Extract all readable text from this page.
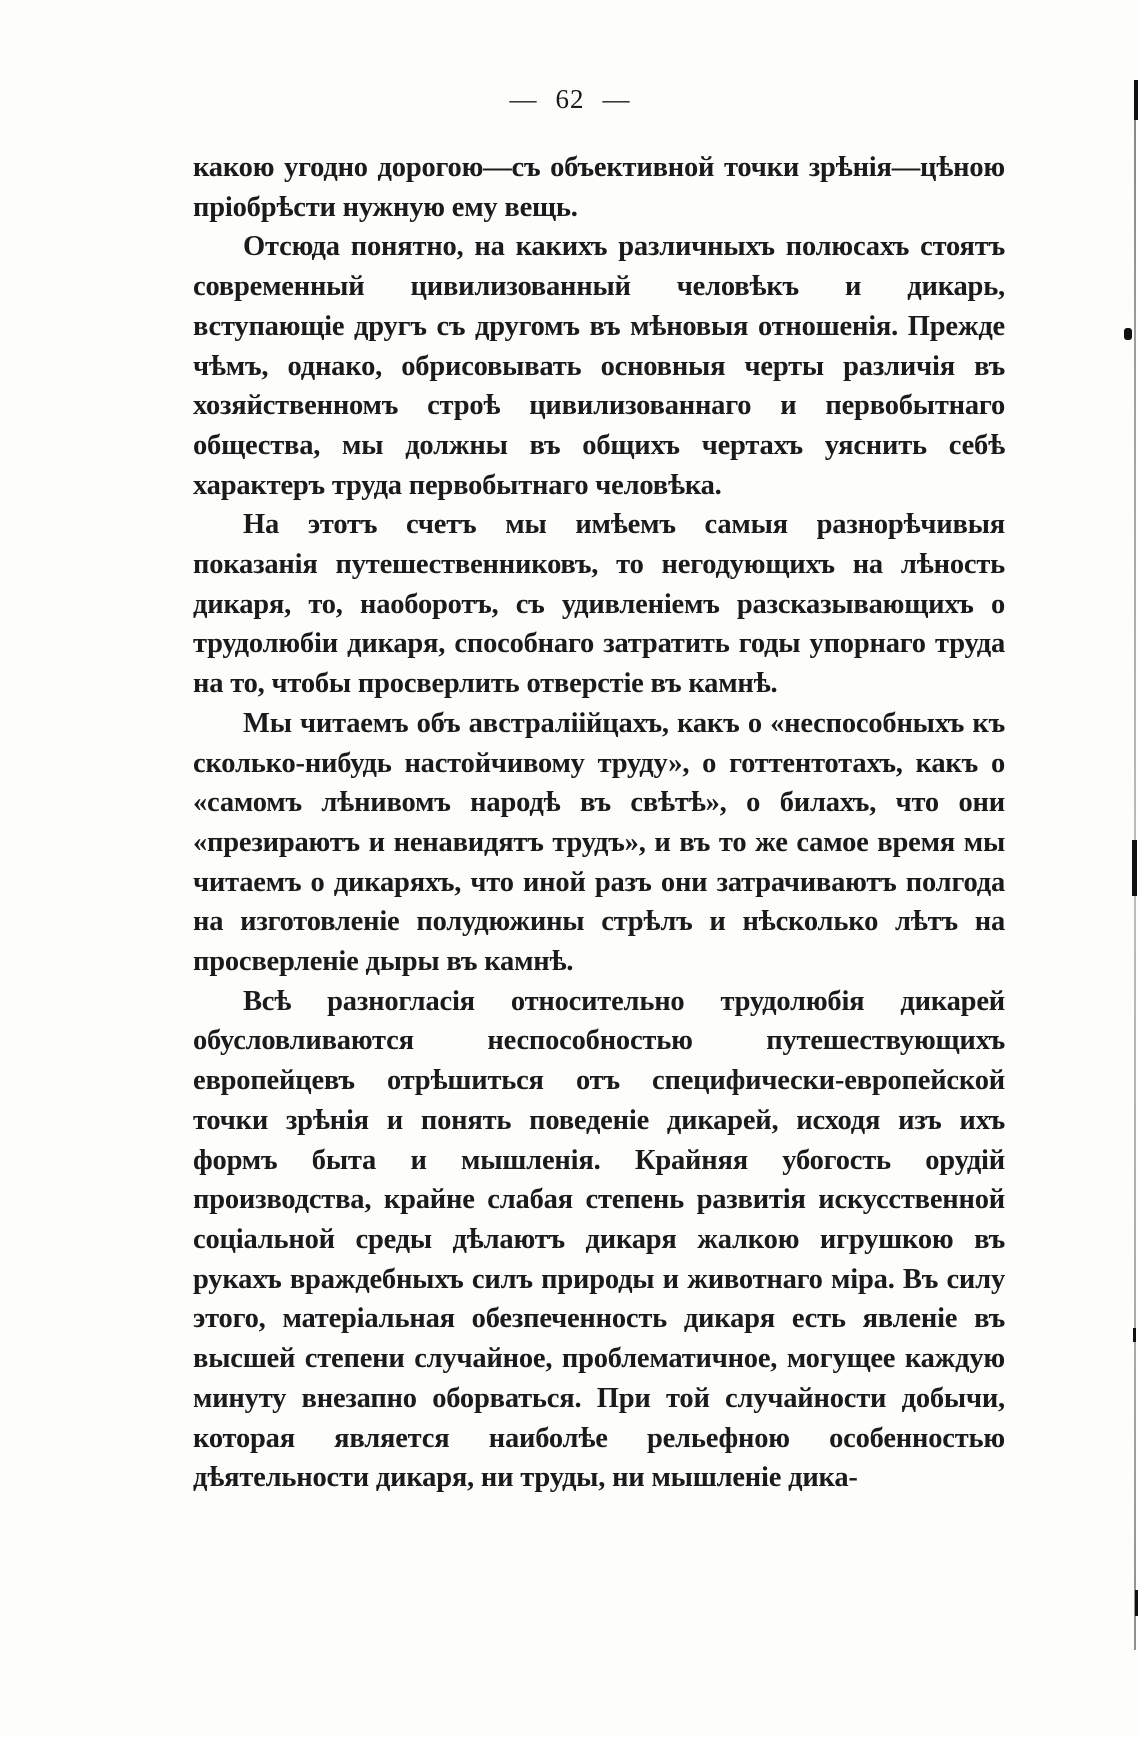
— 62 —

какою угодно дорогою—съ объективной точки зрѣнія—цѣною пріобрѣсти нужную ему вещь.

Отсюда понятно, на какихъ различныхъ полюсахъ стоятъ современный цивилизованный человѣкъ и дикарь, вступающіе другъ съ другомъ въ мѣновыя отношенія. Прежде чѣмъ, однако, обрисовывать основныя черты различія въ хозяйственномъ строѣ цивилизованнаго и первобытнаго общества, мы должны въ общихъ чертахъ уяснить себѣ характеръ труда первобытнаго человѣка.

На этотъ счетъ мы имѣемъ самыя разнорѣчивыя показанія путешественниковъ, то негодующихъ на лѣность дикаря, то, наоборотъ, съ удивленіемъ разсказывающихъ о трудолюбіи дикаря, способнаго затратить годы упорнаго труда на то, чтобы просверлить отверстіе въ камнѣ.

Мы читаемъ объ австраліійцахъ, какъ о «неспособныхъ къ сколько-нибудь настойчивому труду», о готтентотахъ, какъ о «самомъ лѣнивомъ народѣ въ свѣтѣ», о билахъ, что они «презираютъ и ненавидятъ трудъ», и въ то же самое время мы читаемъ о дикаряхъ, что иной разъ они затрачиваютъ полгода на изготовленіе полудюжины стрѣлъ и нѣсколько лѣтъ на просверленіе дыры въ камнѣ.

Всѣ разногласія относительно трудолюбія дикарей обусловливаются неспособностью путешествующихъ европейцевъ отрѣшиться отъ специфически-европейской точки зрѣнія и понять поведеніе дикарей, исходя изъ ихъ формъ быта и мышленія. Крайняя убогость орудій производства, крайне слабая степень развитія искусственной соціальной среды дѣлаютъ дикаря жалкою игрушкою въ рукахъ враждебныхъ силъ природы и животнаго міра. Въ силу этого, матеріальная обезпеченность дикаря есть явленіе въ высшей степени случайное, проблематичное, могущее каждую минуту внезапно оборваться. При той случайности добычи, которая является наиболѣе рельефною особенностью дѣятельности дикаря, ни труды, ни мышленіе дика-
